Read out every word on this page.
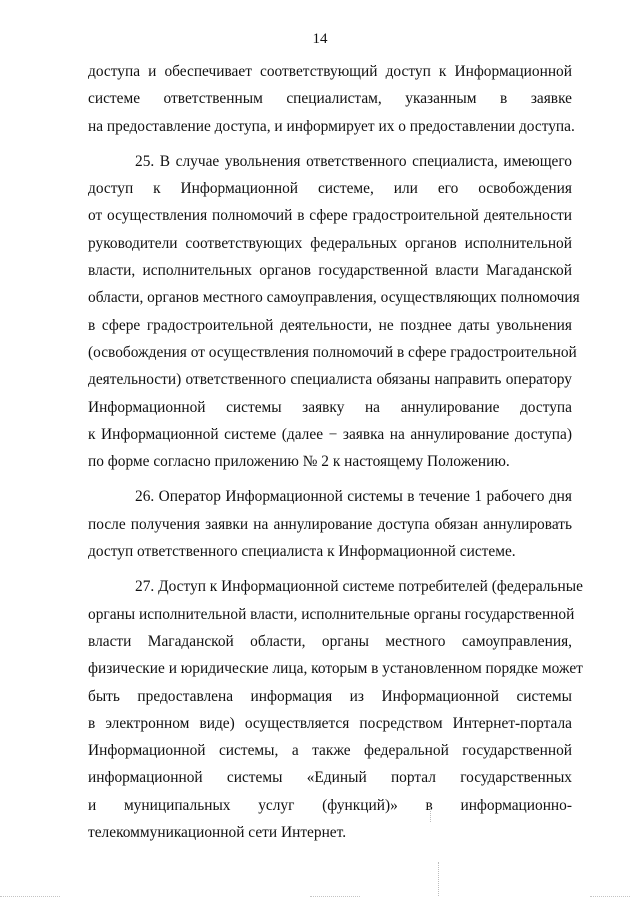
14
доступа и обеспечивает соответствующий доступ к Информационной
системе ответственным специалистам, указанным в заявке
на предоставление доступа, и информирует их о предоставлении доступа.
25. В случае увольнения ответственного специалиста, имеющего
доступ к Информационной системе, или его освобождения
от осуществления полномочий в сфере градостроительной деятельности
руководители соответствующих федеральных органов исполнительной
власти, исполнительных органов государственной власти Магаданской
области, органов местного самоуправления, осуществляющих полномочия
в сфере градостроительной деятельности, не позднее даты увольнения
(освобождения от осуществления полномочий в сфере градостроительной
деятельности) ответственного специалиста обязаны направить оператору
Информационной системы заявку на аннулирование доступа
к Информационной системе (далее − заявка на аннулирование доступа)
по форме согласно приложению № 2 к настоящему Положению.
26. Оператор Информационной системы в течение 1 рабочего дня
после получения заявки на аннулирование доступа обязан аннулировать
доступ ответственного специалиста к Информационной системе.
27. Доступ к Информационной системе потребителей (федеральные
органы исполнительной власти, исполнительные органы государственной
власти Магаданской области, органы местного самоуправления,
физические и юридические лица, которым в установленном порядке может
быть предоставлена информация из Информационной системы
в электронном виде) осуществляется посредством Интернет-портала
Информационной системы, а также федеральной государственной
информационной системы «Единый портал государственных
и муниципальных услуг (функций)» в информационно-
телекоммуникационной сети Интернет.
